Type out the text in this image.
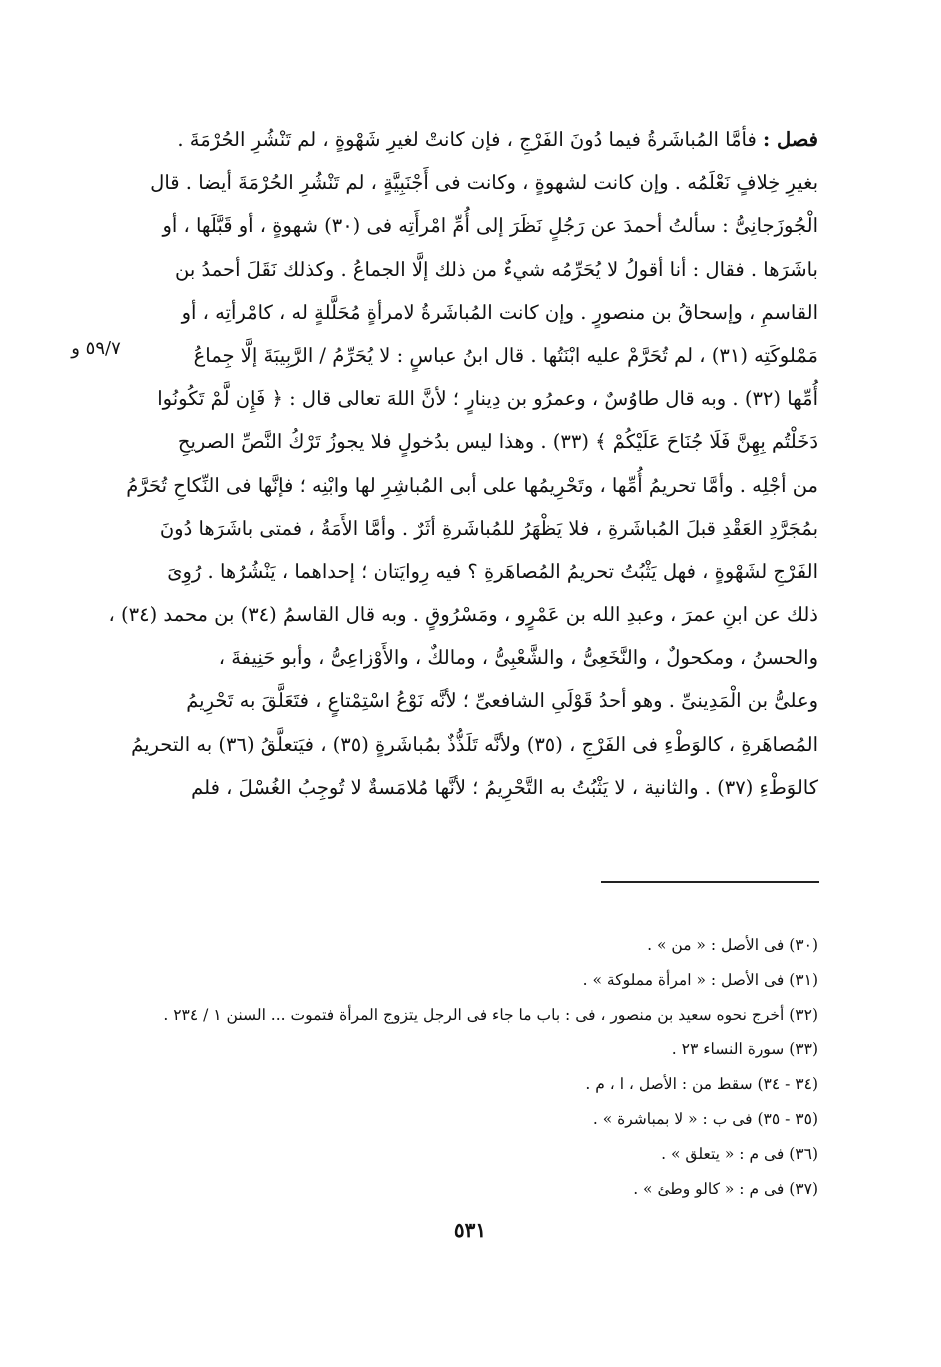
فصل : فأمَّا المُباشَرةُ فيما دُونَ الفَرْجِ ، فإن كانتْ لغيرِ شَهْوةٍ ، لم تَنْشُرِ الحُرْمَةَ .
بغيرِ خِلافٍ نَعْلَمُه . وإن كانت لشهوةٍ ، وكانت فى أَجْنَبِيَّةٍ ، لم تَنْشُرِ الحُرْمَةَ أيضا . قال
الْجُوزَجانِىُّ : سألتُ أحمدَ عن رَجُلٍ نَظَرَ إلى أُمِّ امْرأَتِه فى (٣٠) شهوةٍ ، أو قَبَّلَها ، أو
باشَرَها . فقال : أنا أقولُ لا يُحَرِّمُه شيءٌ من ذلك إلَّا الجماعُ . وكذلك نَقَلَ أحمدُ بن
القاسمِ ، وإسحاقُ بن منصورٍ . وإن كانت المُباشَرةُ لامرأةٍ مُحَلَّلةٍ له ، كامْرأتِه ، أو
مَمْلوكَتِه (٣١) ، لم تُحَرَّمْ عليه ابْنَتُها . قال ابنُ عباسٍ : لا يُحَرِّمُ / الرَّبِيبَةَ إلَّا جِماعُ
أُمِّها (٣٢) . وبه قال طاوُسٌ ، وعمرُو بن دِينارٍ ؛ لأنَّ اللهَ تعالى قال : ﴿ فَإِن لَّمْ تَكُونُوا
دَخَلْتُم بِهِنَّ فَلَا جُنَاحَ عَلَيْكُمْ ﴾ (٣٣) . وهذا ليس بدُخولٍ فلا يجوزُ تَرْكُ النَّصِّ الصريحِ
من أجْلِه . وأمَّا تحريمُ أُمِّها ، وتَحْرِيمُها على أبى المُباشِرِ لها وابْنِه ؛ فإنَّها فى النِّكاحِ تُحَرَّمُ
بمُجَرَّدِ العَقْدِ قبلَ المُباشَرةِ ، فلا يَظْهَرُ للمُباشَرةِ أثَرٌ . وأمَّا الأَمَةُ ، فمتى باشَرَها دُونَ
الفَرْجِ لشَهْوةٍ ، فهل يَثْبُتُ تحريمُ المُصاهَرةِ ؟ فيه رِوايَتان ؛ إحداهما ، يَنْشُرُها . رُوِىَ
ذلك عن ابنِ عمرَ ، وعبدِ الله بن عَمْرٍو ، ومَسْرُوقٍ . وبه قال القاسمُ (٣٤) بن محمد (٣٤) ،
والحسنُ ، ومكحولٌ ، والنَّخَعِىُّ ، والشَّعْبِىُّ ، ومالكٌ ، والأَوْزاعِىُّ ، وأبو حَنِيفةَ ،
وعلىُّ بن الْمَدِينىِّ . وهو أحدُ قَوْلَىِ الشافعىِّ ؛ لأنَّه نَوْعُ اسْتِمْتاعٍ ، فتَعَلَّقَ به تَحْرِيمُ
المُصاهَرةِ ، كالوَطْءِ فى الفَرْجِ ، (٣٥) ولأنَّه تَلَذُّذٌ بمُباشَرةٍ (٣٥) ، فيَتعلَّقُ (٣٦) به التحريمُ
كالوَطْءِ (٣٧) . والثانية ، لا يَثْبُتُ به التَّحْرِيمُ ؛ لأنَّها مُلامَسةٌ لا تُوجِبُ الغُسْلَ ، فلم
٥٩/٧ و
(٣٠) فى الأصل : « من » .
(٣١) فى الأصل : « امرأة مملوكة » .
(٣٢) أخرج نحوه سعيد بن منصور ، فى : باب ما جاء فى الرجل يتزوج المرأة فتموت ... السنن ١ / ٢٣٤ .
(٣٣) سورة النساء ٢٣ .
(٣٤ - ٣٤) سقط من : الأصل ، ا ، م .
(٣٥ - ٣٥) فى ب : « لا بمباشرة » .
(٣٦) فى م : « يتعلق » .
(٣٧) فى م : « كالو وطئ » .
٥٣١
